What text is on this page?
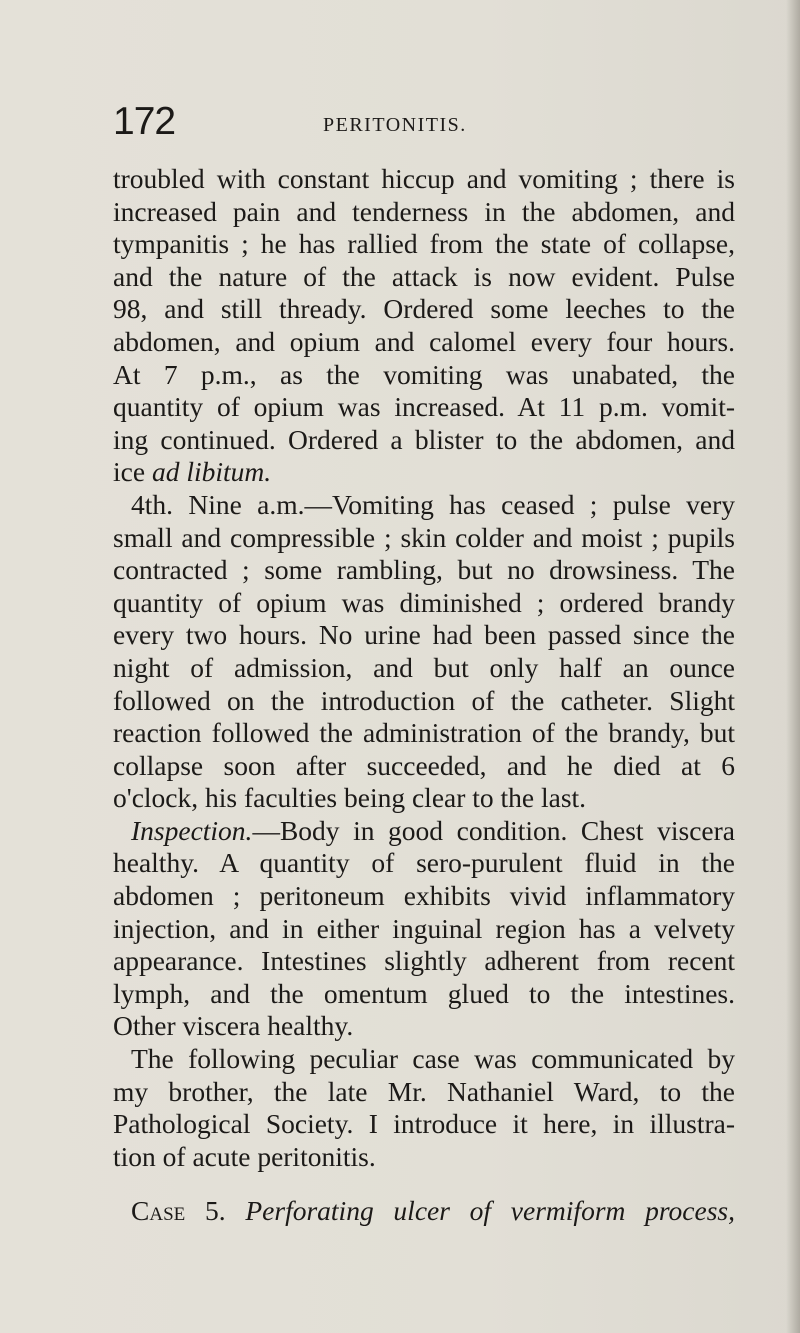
172	PERITONITIS.
troubled with constant hiccup and vomiting ; there is
increased pain and tenderness in the abdomen, and
tympanitis ; he has rallied from the state of collapse,
and the nature of the attack is now evident. Pulse
98, and still thready. Ordered some leeches to the
abdomen, and opium and calomel every four hours.
At 7 p.m., as the vomiting was unabated, the
quantity of opium was increased. At 11 p.m. vomit-
ing continued. Ordered a blister to the abdomen, and
ice ad libitum.
4th. Nine a.m.—Vomiting has ceased ; pulse very
small and compressible ; skin colder and moist ; pupils
contracted ; some rambling, but no drowsiness. The
quantity of opium was diminished ; ordered brandy
every two hours. No urine had been passed since the
night of admission, and but only half an ounce
followed on the introduction of the catheter. Slight
reaction followed the administration of the brandy, but
collapse soon after succeeded, and he died at 6
o'clock, his faculties being clear to the last.
Inspection.—Body in good condition. Chest viscera
healthy. A quantity of sero-purulent fluid in the
abdomen ; peritoneum exhibits vivid inflammatory
injection, and in either inguinal region has a velvety
appearance. Intestines slightly adherent from recent
lymph, and the omentum glued to the intestines.
Other viscera healthy.
The following peculiar case was communicated by
my brother, the late Mr. Nathaniel Ward, to the
Pathological Society. I introduce it here, in illustra-
tion of acute peritonitis.
Case 5. Perforating ulcer of vermiform process,
